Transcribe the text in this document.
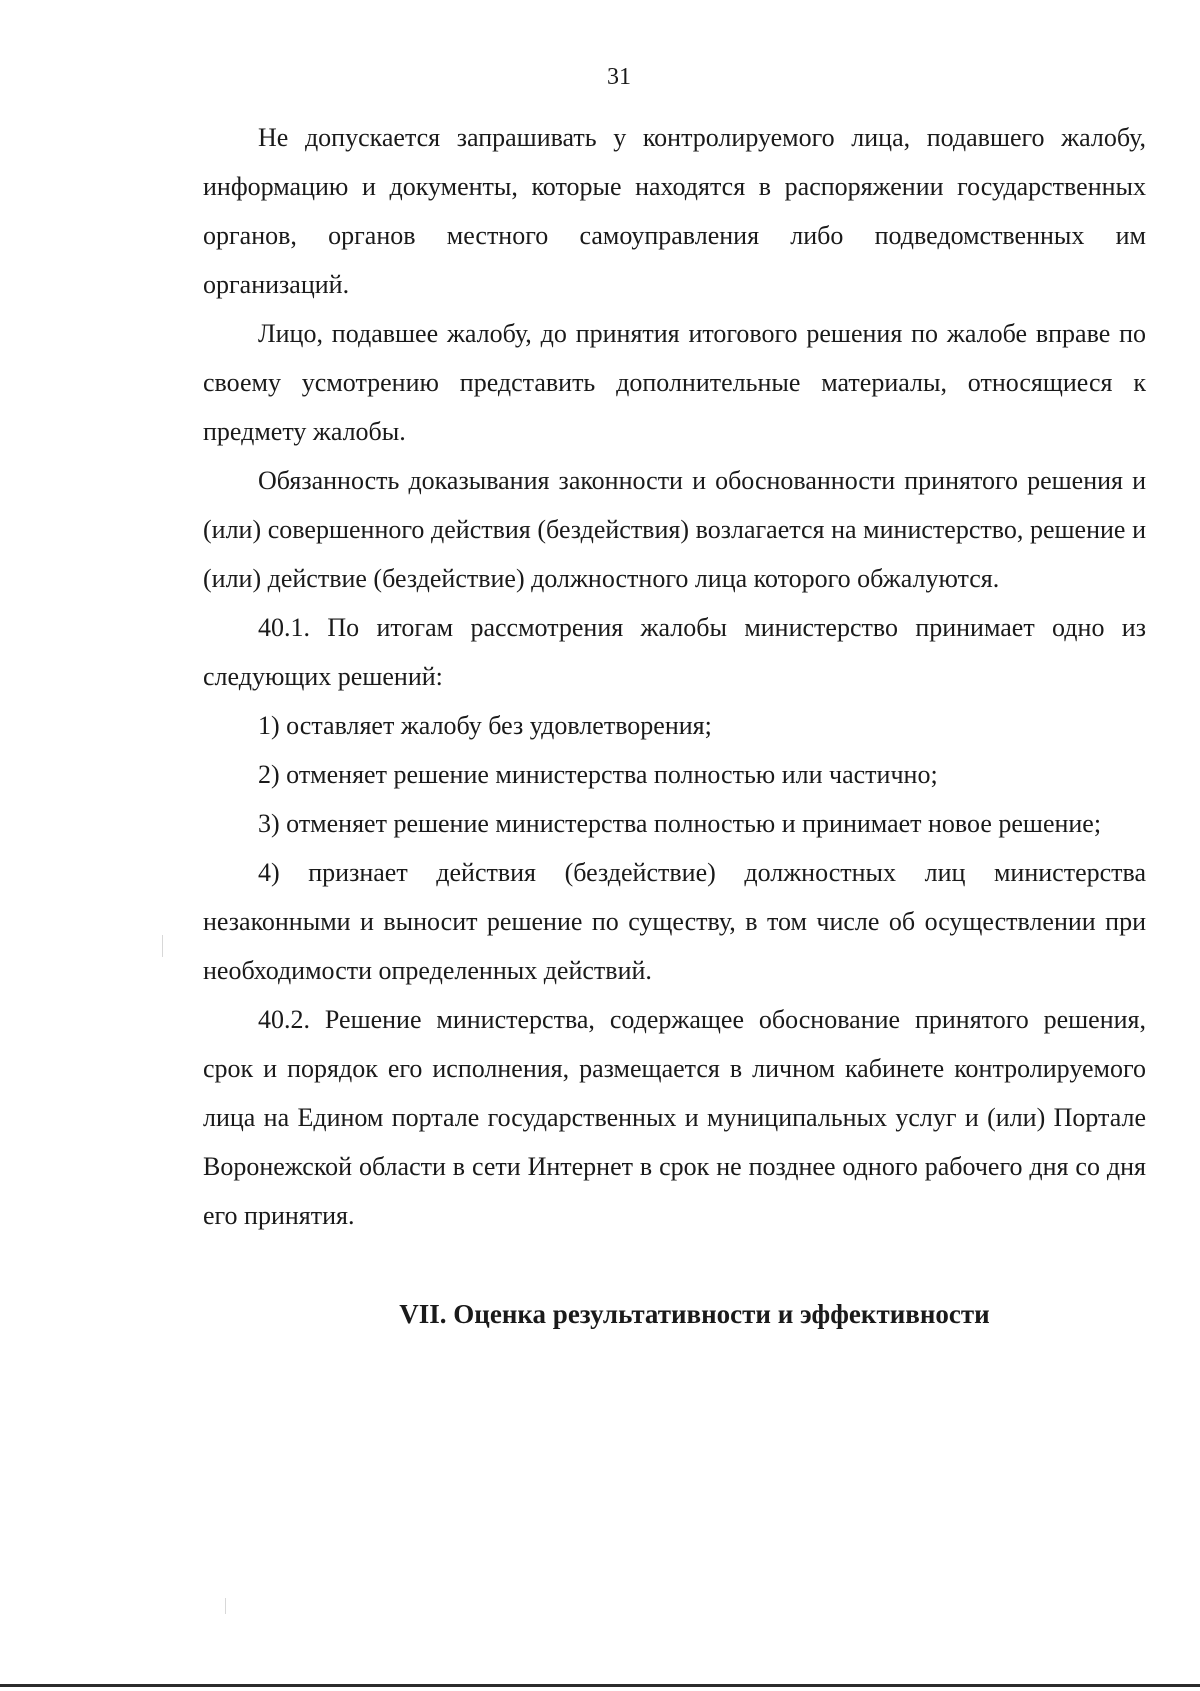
31

Не допускается запрашивать у контролируемого лица, подавшего жалобу, информацию и документы, которые находятся в распоряжении государственных органов, органов местного самоуправления либо подведомственных им организаций.

Лицо, подавшее жалобу, до принятия итогового решения по жалобе вправе по своему усмотрению представить дополнительные материалы, относящиеся к предмету жалобы.

Обязанность доказывания законности и обоснованности принятого решения и (или) совершенного действия (бездействия) возлагается на министерство, решение и (или) действие (бездействие) должностного лица которого обжалуются.

40.1. По итогам рассмотрения жалобы министерство принимает одно из следующих решений:

1) оставляет жалобу без удовлетворения;

2) отменяет решение министерства полностью или частично;

3) отменяет решение министерства полностью и принимает новое решение;

4) признает действия (бездействие) должностных лиц министерства незаконными и выносит решение по существу, в том числе об осуществлении при необходимости определенных действий.

40.2. Решение министерства, содержащее обоснование принятого решения, срок и порядок его исполнения, размещается в личном кабинете контролируемого лица на Едином портале государственных и муниципальных услуг и (или) Портале Воронежской области в сети Интернет в срок не позднее одного рабочего дня со дня его принятия.

VII. Оценка результативности и эффективности
